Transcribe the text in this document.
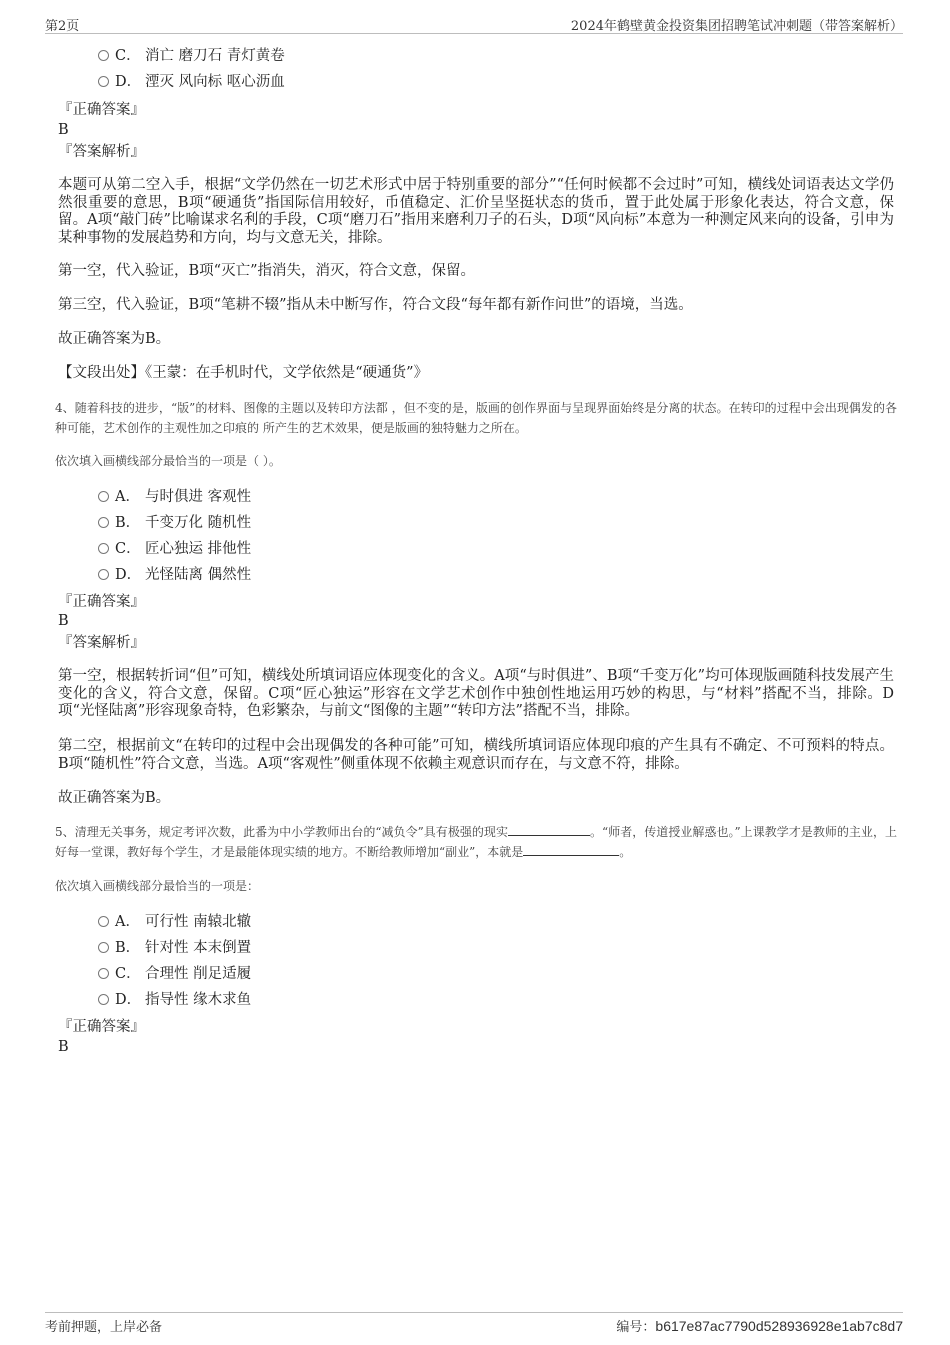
第2页	2024年鹤壁黄金投资集团招聘笔试冲刺题（带答案解析）
C． 消亡 磨刀石 青灯黄卷
D． 湮灭 风向标 呕心沥血
『正确答案』
B
『答案解析』
本题可从第二空入手，根据“文学仍然在一切艺术形式中居于特别重要的部分”“任何时候都不会过时”可知，横线处词语表达文学仍然很重要的意思，B项“硬通货”指国际信用较好，币值稳定、汇价呈坚挺状态的货币，置于此处属于形象化表达，符合文意，保留。A项“敲门砖”比喻谋求名利的手段，C项“磨刀石”指用来磨利刀子的石头，D项“风向标”本意为一种测定风来向的设备，引申为某种事物的发展趋势和方向，均与文意无关，排除。
第一空，代入验证，B项“灭亡”指消失，消灭，符合文意，保留。
第三空，代入验证，B项“笔耕不辍”指从未中断写作，符合文段“每年都有新作问世”的语境，当选。
故正确答案为B。
【文段出处】《王蒙：在手机时代，文学依然是“硬通货”》
4、随着科技的进步，“版”的材料、图像的主题以及转印方法都 ，但不变的是，版画的创作界面与呈现界面始终是分离的状态。在转印的过程中会出现偶发的各种可能，艺术创作的主观性加之印痕的 所产生的艺术效果，便是版画的独特魅力之所在。
依次填入画横线部分最恰当的一项是（ ）。
A． 与时俱进 客观性
B． 千变万化 随机性
C． 匠心独运 排他性
D． 光怪陆离 偶然性
『正确答案』
B
『答案解析』
第一空，根据转折词“但”可知，横线处所填词语应体现变化的含义。A项“与时俱进”、B项“千变万化”均可体现版画随科技发展产生变化的含义，符合文意，保留。C项“匠心独运”形容在文学艺术创作中独创性地运用巧妙的构思，与“材料”搭配不当，排除。D项“光怪陆离”形容现象奇特，色彩繁杂，与前文“图像的主题”“转印方法”搭配不当，排除。
第二空，根据前文“在转印的过程中会出现偶发的各种可能”可知，横线所填词语应体现印痕的产生具有不确定、不可预料的特点。B项“随机性”符合文意，当选。A项“客观性”侧重体现不依赖主观意识而存在，与文意不符，排除。
故正确答案为B。
5、清理无关事务，规定考评次数，此番为中小学教师出台的“减负令”具有极强的现实	。“师者，传道授业解惑也。”上课教学才是教师的主业，上好每一堂课，教好每个学生，才是最能体现实绩的地方。不断给教师增加“副业”，本就是	。
依次填入画横线部分最恰当的一项是：
A． 可行性 南辕北辙
B． 针对性 本末倒置
C． 合理性 削足适履
D． 指导性 缘木求鱼
『正确答案』
B
考前押题，上岸必备	编号：b617e87ac7790d528936928e1ab7c8d7
